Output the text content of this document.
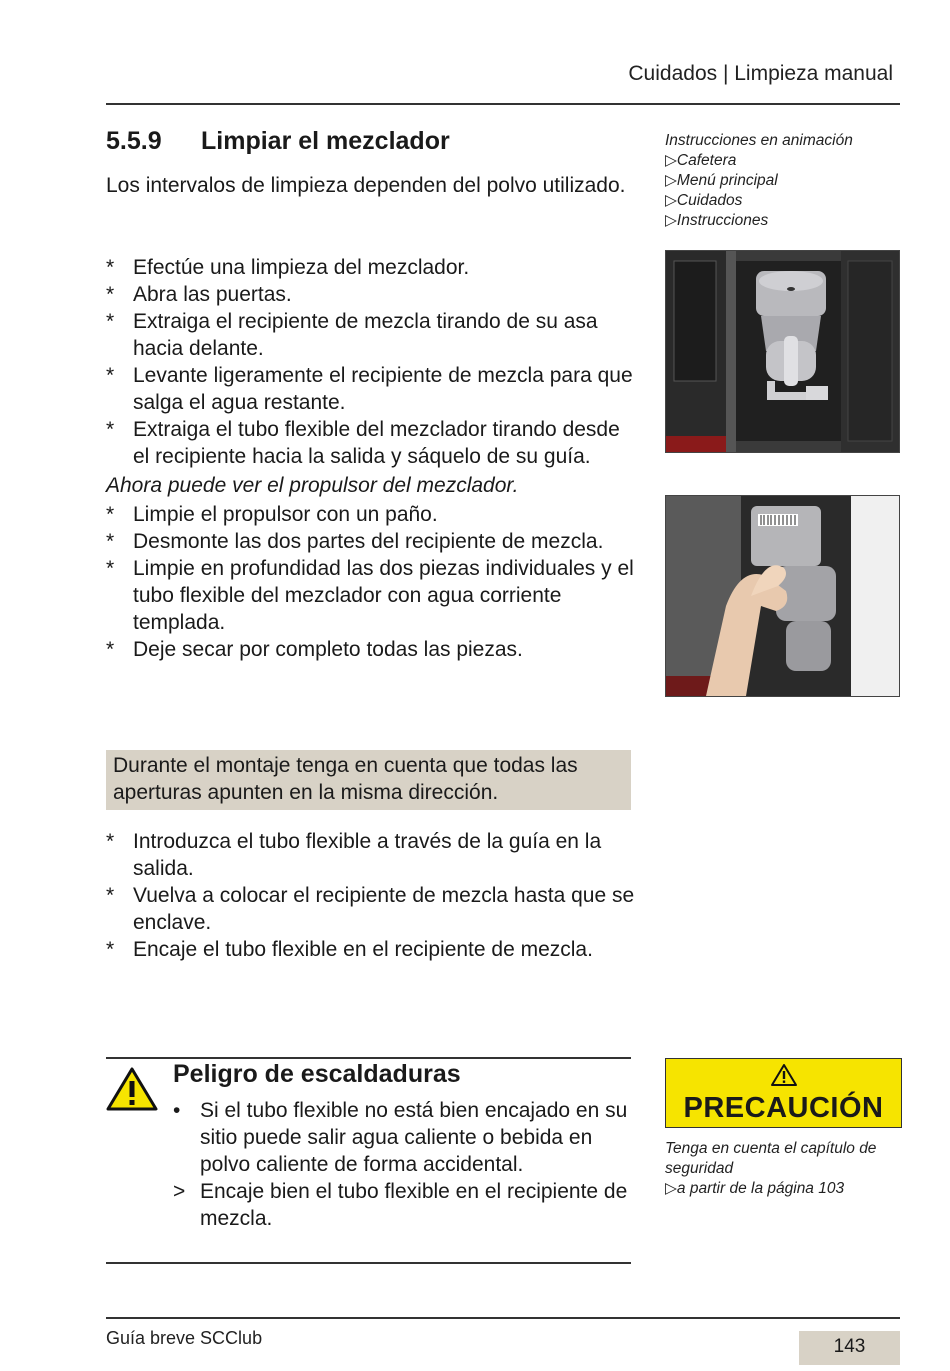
Cuidados | Limpieza manual
5.5.9 Limpiar el mezclador
Los intervalos de limpieza dependen del polvo utilizado.
* Efectúe una limpieza del mezclador.
* Abra las puertas.
* Extraiga el recipiente de mezcla tirando de su asa hacia delante.
* Levante ligeramente el recipiente de mezcla para que salga el agua restante.
* Extraiga el tubo flexible del mezclador tirando desde el recipiente hacia la salida y sáquelo de su guía.
Ahora puede ver el propulsor del mezclador.
* Limpie el propulsor con un paño.
* Desmonte las dos partes del recipiente de mezcla.
* Limpie en profundidad las dos piezas individuales y el tubo flexible del mezclador con agua corriente templada.
* Deje secar por completo todas las piezas.
Durante el montaje tenga en cuenta que todas las aperturas apunten en la misma dirección.
* Introduzca el tubo flexible a través de la guía en la salida.
* Vuelva a colocar el recipiente de mezcla hasta que se enclave.
* Encaje el tubo flexible en el recipiente de mezcla.
Instrucciones en animación
▷Cafetera
▷Menú principal
▷Cuidados
▷Instrucciones
Peligro de escaldaduras
• Si el tubo flexible no está bien encajado en su sitio puede salir agua caliente o bebida en polvo caliente de forma accidental.
> Encaje bien el tubo flexible en el recipiente de mezcla.
PRECAUCIÓN
Tenga en cuenta el capítulo de seguridad
▷a partir de la página 103
Guía breve SCClub	143
